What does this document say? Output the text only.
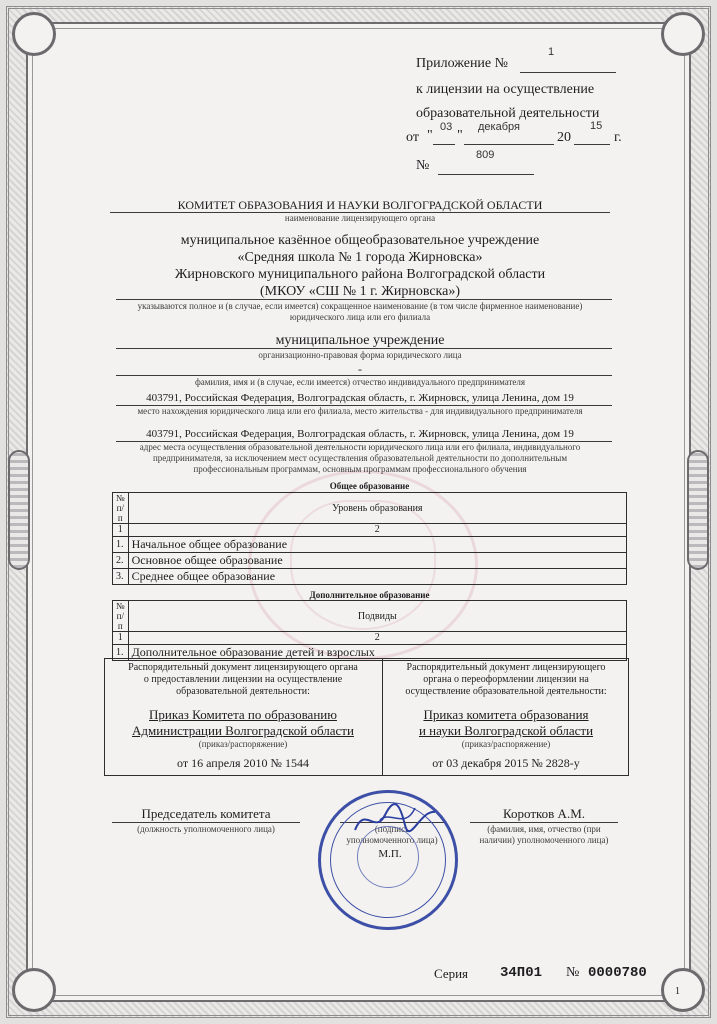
Приложение №
1
к лицензии на осуществление
образовательной деятельности
от "
03
"
декабря
20
15
г.
№
809
КОМИТЕТ ОБРАЗОВАНИЯ И НАУКИ ВОЛГОГРАДСКОЙ ОБЛАСТИ
наименование лицензирующего органа
муниципальное казённое общеобразовательное учреждение
«Средняя школа № 1 города Жирновска»
Жирновского муниципального района Волгоградской области
(МКОУ «СШ № 1 г. Жирновска»)
указываются полное и (в случае, если имеется) сокращенное наименование (в том числе фирменное наименование)
юридического лица или его филиала
муниципальное учреждение
организационно-правовая форма юридического лица
-
фамилия, имя и (в случае, если имеется) отчество индивидуального предпринимателя
403791, Российская Федерация, Волгоградская область, г. Жирновск, улица Ленина, дом 19
место нахождения юридического лица или его филиала, место жительства - для индивидуального предпринимателя
403791, Российская Федерация, Волгоградская область, г. Жирновск, улица Ленина, дом 19
адрес места осуществления образовательной деятельности юридического лица или его филиала, индивидуального
предпринимателя, за исключением мест осуществления образовательной деятельности по дополнительным
профессиональным программам, основным программам профессионального обучения
Общее образование
№ п/п	Уровень образования
1	2
1.	Начальное общее образование
2.	Основное общее образование
3.	Среднее общее образование
Дополнительное образование
№ п/п	Подвиды
1	2
1.	Дополнительное образование детей и взрослых
Распорядительный документ лицензирующего органа
о предоставлении лицензии на осуществление
образовательной деятельности:
Приказ Комитета по образованию
Администрации Волгоградской области
(приказ/распоряжение)
от 16 апреля 2010 № 1544
Распорядительный документ лицензирующего
органа о переоформлении лицензии на
осуществление образовательной деятельности:
Приказ комитета образования
и науки Волгоградской области
(приказ/распоряжение)
от 03 декабря 2015 № 2828-у
Председатель комитета
(должность уполномоченного лица)	(подпись
уполномоченного лица)
М.П.
Коротков А.М.
(фамилия, имя, отчество (при
наличии) уполномоченного лица)
Серия 34П01 № 0000780
1
